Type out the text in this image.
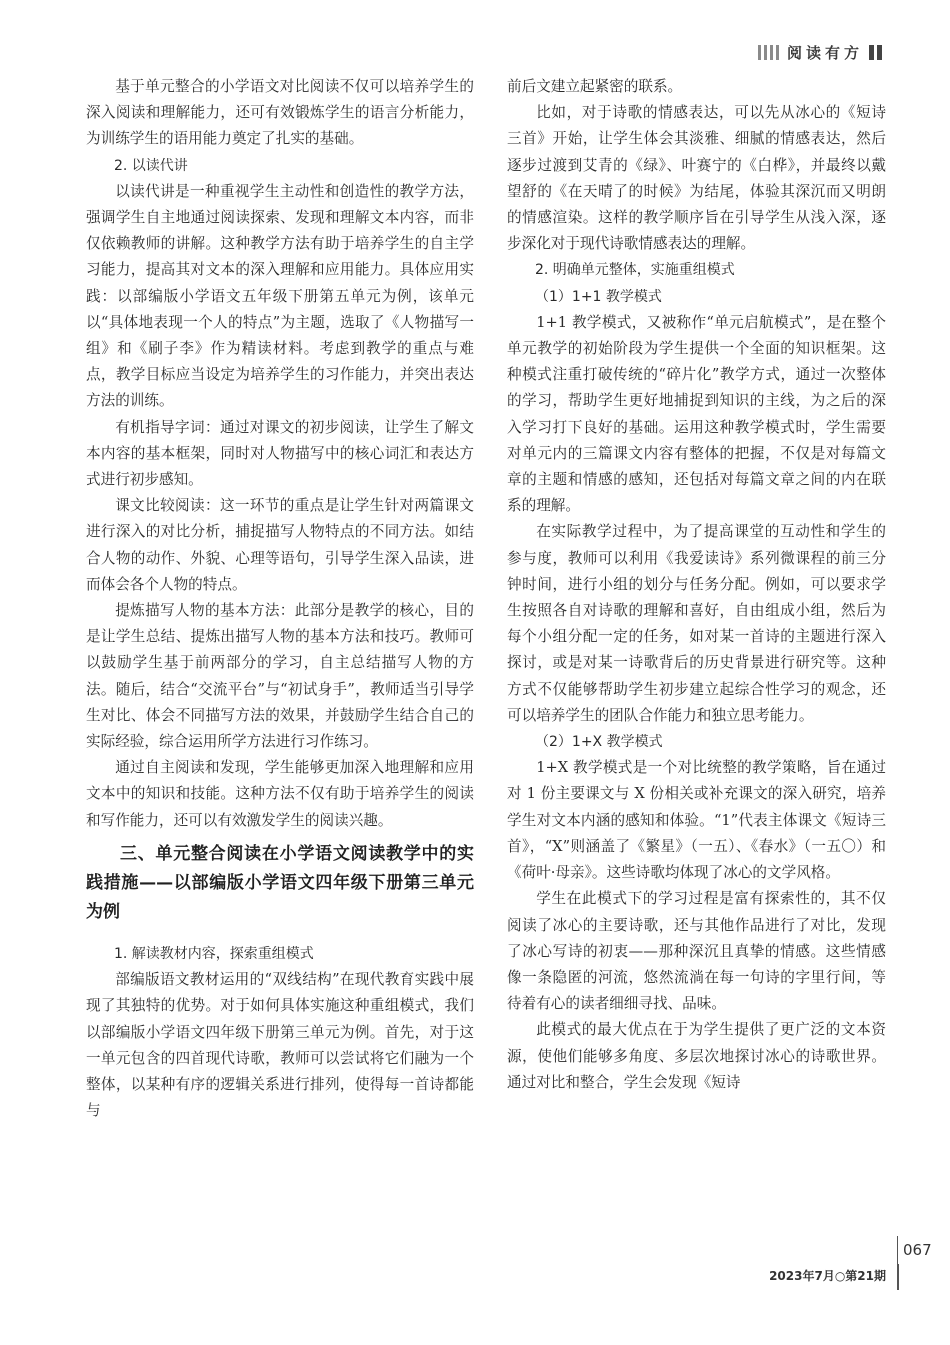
阅读有方

基于单元整合的小学语文对比阅读不仅可以培养学生的深入阅读和理解能力，还可有效锻炼学生的语言分析能力，为训练学生的语用能力奠定了扎实的基础。

2. 以读代讲

以读代讲是一种重视学生主动性和创造性的教学方法，强调学生自主地通过阅读探索、发现和理解文本内容，而非仅依赖教师的讲解。这种教学方法有助于培养学生的自主学习能力，提高其对文本的深入理解和应用能力。具体应用实践：以部编版小学语文五年级下册第五单元为例，该单元以“具体地表现一个人的特点”为主题，选取了《人物描写一组》和《刷子李》作为精读材料。考虑到教学的重点与难点，教学目标应当设定为培养学生的习作能力，并突出表达方法的训练。

有机指导字词：通过对课文的初步阅读，让学生了解文本内容的基本框架，同时对人物描写中的核心词汇和表达方式进行初步感知。

课文比较阅读：这一环节的重点是让学生针对两篇课文进行深入的对比分析，捕捉描写人物特点的不同方法。如结合人物的动作、外貌、心理等语句，引导学生深入品读，进而体会各个人物的特点。

提炼描写人物的基本方法：此部分是教学的核心，目的是让学生总结、提炼出描写人物的基本方法和技巧。教师可以鼓励学生基于前两部分的学习，自主总结描写人物的方法。随后，结合“交流平台”与“初试身手”，教师适当引导学生对比、体会不同描写方法的效果，并鼓励学生结合自己的实际经验，综合运用所学方法进行习作练习。

通过自主阅读和发现，学生能够更加深入地理解和应用文本中的知识和技能。这种方法不仅有助于培养学生的阅读和写作能力，还可以有效激发学生的阅读兴趣。

三、单元整合阅读在小学语文阅读教学中的实践措施——以部编版小学语文四年级下册第三单元为例

1. 解读教材内容，探索重组模式

部编版语文教材运用的“双线结构”在现代教育实践中展现了其独特的优势。对于如何具体实施这种重组模式，我们以部编版小学语文四年级下册第三单元为例。首先，对于这一单元包含的四首现代诗歌，教师可以尝试将它们融为一个整体，以某种有序的逻辑关系进行排列，使得每一首诗都能与

前后文建立起紧密的联系。

比如，对于诗歌的情感表达，可以先从冰心的《短诗三首》开始，让学生体会其淡雅、细腻的情感表达，然后逐步过渡到艾青的《绿》、叶赛宁的《白桦》，并最终以戴望舒的《在天晴了的时候》为结尾，体验其深沉而又明朗的情感渲染。这样的教学顺序旨在引导学生从浅入深，逐步深化对于现代诗歌情感表达的理解。

2. 明确单元整体，实施重组模式

（1）1+1 教学模式

1+1 教学模式，又被称作“单元启航模式”，是在整个单元教学的初始阶段为学生提供一个全面的知识框架。这种模式注重打破传统的“碎片化”教学方式，通过一次整体的学习，帮助学生更好地捕捉到知识的主线，为之后的深入学习打下良好的基础。运用这种教学模式时，学生需要对单元内的三篇课文内容有整体的把握，不仅是对每篇文章的主题和情感的感知，还包括对每篇文章之间的内在联系的理解。

在实际教学过程中，为了提高课堂的互动性和学生的参与度，教师可以利用《我爱读诗》系列微课程的前三分钟时间，进行小组的划分与任务分配。例如，可以要求学生按照各自对诗歌的理解和喜好，自由组成小组，然后为每个小组分配一定的任务，如对某一首诗的主题进行深入探讨，或是对某一诗歌背后的历史背景进行研究等。这种方式不仅能够帮助学生初步建立起综合性学习的观念，还可以培养学生的团队合作能力和独立思考能力。

（2）1+X 教学模式

1+X 教学模式是一个对比统整的教学策略，旨在通过对 1 份主要课文与 X 份相关或补充课文的深入研究，培养学生对文本内涵的感知和体验。“1”代表主体课文《短诗三首》，“X”则涵盖了《繁星》（一五）、《春水》（一五〇）和《荷叶·母亲》。这些诗歌均体现了冰心的文学风格。

学生在此模式下的学习过程是富有探索性的，其不仅阅读了冰心的主要诗歌，还与其他作品进行了对比，发现了冰心写诗的初衷——那种深沉且真挚的情感。这些情感像一条隐匿的河流，悠然流淌在每一句诗的字里行间，等待着有心的读者细细寻找、品味。

此模式的最大优点在于为学生提供了更广泛的文本资源，使他们能够多角度、多层次地探讨冰心的诗歌世界。通过对比和整合，学生会发现《短诗

067
2023年7月○第21期
